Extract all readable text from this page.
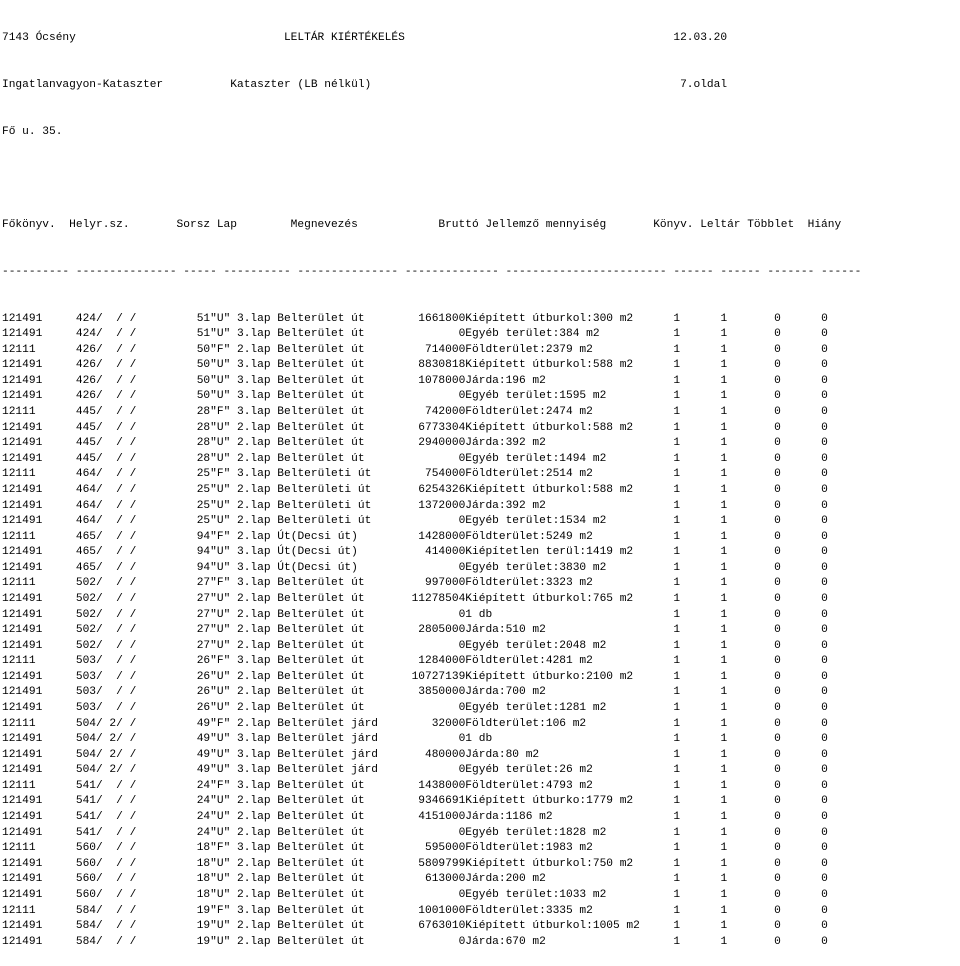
7143 Ócsény                               LELTÁR KIÉRTÉKELÉS                                        12.03.20

Ingatlanvagyon-Kataszter          Kataszter (LB nélkül)                                              7.oldal

Fő u. 35.

Főkönyv.  Helyr.sz.       Sorsz Lap        Megnevezés            Bruttó Jellemző mennyiség       Könyv. Leltár Többlet  Hiány

---------- --------------- ----- ---------- --------------- -------------- ------------------------ ------ ------ ------- ------

121491     424/  / /         51"U" 3.lap Belterület út        1661800Kiépített útburkol:300 m2      1      1       0      0
121491     424/  / /         51"U" 3.lap Belterület út              0Egyéb terület:384 m2           1      1       0      0
12111      426/  / /         50"F" 2.lap Belterület út         714000Földterület:2379 m2            1      1       0      0
121491     426/  / /         50"U" 3.lap Belterület út        8830818Kiépített útburkol:588 m2      1      1       0      0
121491     426/  / /         50"U" 3.lap Belterület út        1078000Járda:196 m2                   1      1       0      0
121491     426/  / /         50"U" 3.lap Belterület út              0Egyéb terület:1595 m2          1      1       0      0
12111      445/  / /         28"F" 3.lap Belterület út         742000Földterület:2474 m2            1      1       0      0
121491     445/  / /         28"U" 2.lap Belterület út        6773304Kiépített útburkol:588 m2      1      1       0      0
121491     445/  / /         28"U" 2.lap Belterület út        2940000Járda:392 m2                   1      1       0      0
121491     445/  / /         28"U" 2.lap Belterület út              0Egyéb terület:1494 m2          1      1       0      0
12111      464/  / /         25"F" 3.lap Belterületi út        754000Földterület:2514 m2            1      1       0      0
121491     464/  / /         25"U" 2.lap Belterületi út       6254326Kiépített útburkol:588 m2      1      1       0      0
121491     464/  / /         25"U" 2.lap Belterületi út       1372000Járda:392 m2                   1      1       0      0
121491     464/  / /         25"U" 2.lap Belterületi út             0Egyéb terület:1534 m2          1      1       0      0
12111      465/  / /         94"F" 2.lap Út(Decsi út)         1428000Földterület:5249 m2            1      1       0      0
121491     465/  / /         94"U" 3.lap Út(Decsi út)          414000Kiépítetlen terül:1419 m2      1      1       0      0
121491     465/  / /         94"U" 3.lap Út(Decsi út)               0Egyéb terület:3830 m2          1      1       0      0
12111      502/  / /         27"F" 3.lap Belterület út         997000Földterület:3323 m2            1      1       0      0
121491     502/  / /         27"U" 2.lap Belterület út       11278504Kiépített útburkol:765 m2      1      1       0      0
121491     502/  / /         27"U" 2.lap Belterület út              01 db                           1      1       0      0
121491     502/  / /         27"U" 2.lap Belterület út        2805000Járda:510 m2                   1      1       0      0
121491     502/  / /         27"U" 2.lap Belterület út              0Egyéb terület:2048 m2          1      1       0      0
12111      503/  / /         26"F" 3.lap Belterület út        1284000Földterület:4281 m2            1      1       0      0
121491     503/  / /         26"U" 2.lap Belterület út       10727139Kiépített útburko:2100 m2      1      1       0      0
121491     503/  / /         26"U" 2.lap Belterület út        3850000Járda:700 m2                   1      1       0      0
121491     503/  / /         26"U" 2.lap Belterület út              0Egyéb terület:1281 m2          1      1       0      0
12111      504/ 2/ /         49"F" 2.lap Belterület járd        32000Földterület:106 m2             1      1       0      0
121491     504/ 2/ /         49"U" 3.lap Belterület járd            01 db                           1      1       0      0
121491     504/ 2/ /         49"U" 3.lap Belterület járd       480000Járda:80 m2                    1      1       0      0
121491     504/ 2/ /         49"U" 3.lap Belterület járd            0Egyéb terület:26 m2            1      1       0      0
12111      541/  / /         24"F" 3.lap Belterület út        1438000Földterület:4793 m2            1      1       0      0
121491     541/  / /         24"U" 2.lap Belterület út        9346691Kiépített útburko:1779 m2      1      1       0      0
121491     541/  / /         24"U" 2.lap Belterület út        4151000Járda:1186 m2                  1      1       0      0
121491     541/  / /         24"U" 2.lap Belterület út              0Egyéb terület:1828 m2          1      1       0      0
12111      560/  / /         18"F" 3.lap Belterület út         595000Földterület:1983 m2            1      1       0      0
121491     560/  / /         18"U" 2.lap Belterület út        5809799Kiépített útburkol:750 m2      1      1       0      0
121491     560/  / /         18"U" 2.lap Belterület út         613000Járda:200 m2                   1      1       0      0
121491     560/  / /         18"U" 2.lap Belterület út              0Egyéb terület:1033 m2          1      1       0      0
12111      584/  / /         19"F" 3.lap Belterület út        1001000Földterület:3335 m2            1      1       0      0
121491     584/  / /         19"U" 2.lap Belterület út        6763010Kiépített útburkol:1005 m2     1      1       0      0
121491     584/  / /         19"U" 2.lap Belterület út              0Járda:670 m2                   1      1       0      0
